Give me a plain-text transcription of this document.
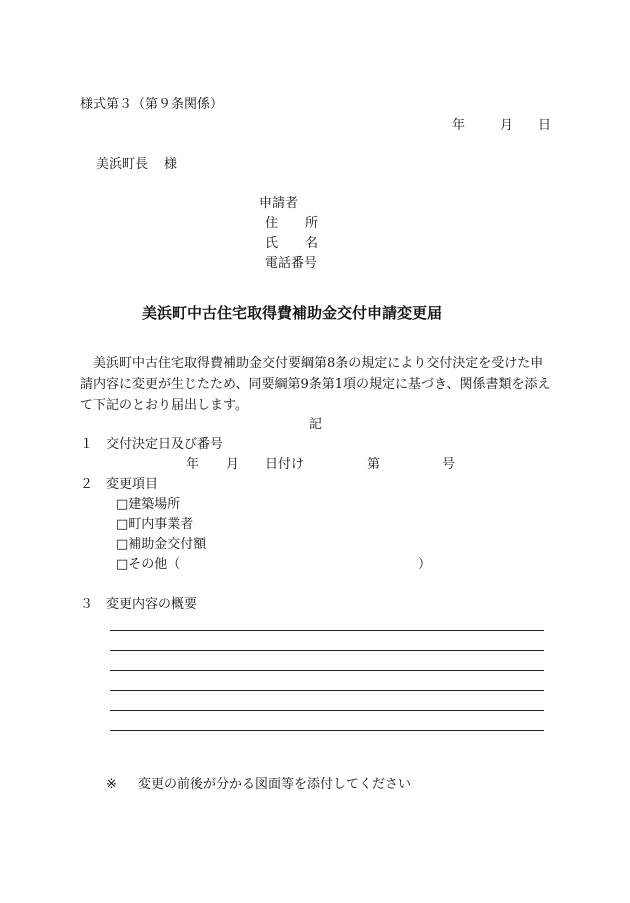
様式第３（第９条関係）
年	月 日
美浜町長 様
申請者
住 所
氏 名
電話番号
美浜町中古住宅取得費補助金交付申請変更届
美浜町中古住宅取得費補助金交付要綱第8条の規定により交付決定を受けた申請内容に変更が生じたため、同要綱第9条第1項の規定に基づき、関係書類を添えて下記のとおり届出します。
記
１　交付決定日及び番号
年 月 日付け	第	号
２　変更項目
□建築場所
□町内事業者
□補助金交付額
□その他（	）
３　変更内容の概要
※ 変更の前後が分かる図面等を添付してください
